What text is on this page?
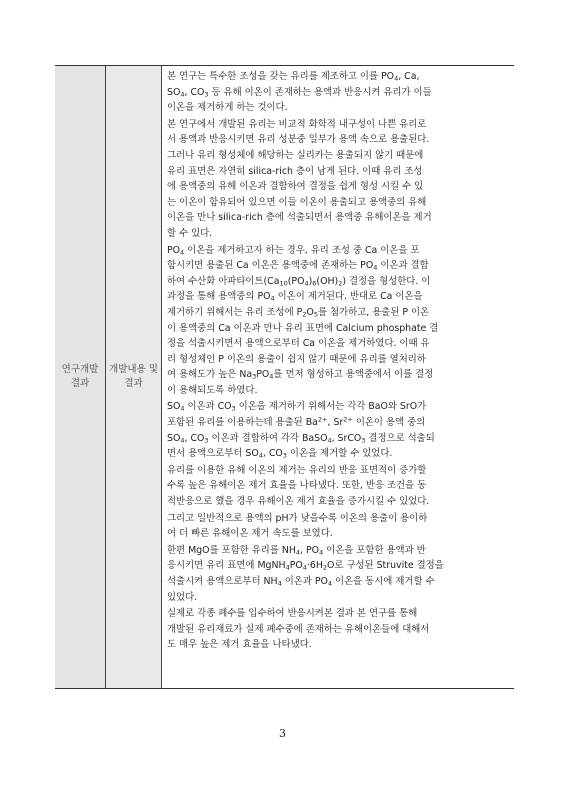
연구개발
결과
개발내용 및
결과

본 연구는 특수한 조성을 갖는 유리를 제조하고 이를 $PO_4$, Ca,
$SO_4$, $CO_3$ 등 유해 이온이 존재하는 용액과 반응시켜 유리가 이들
이온을 제거하게 하는 것이다.

본 연구에서 개발된 유리는 비교적 화학적 내구성이 나쁜 유리로
서 용액과 반응시키면 유리 성분중 일부가 용액 속으로 용출된다.
그러나 유리 형성체에 해당하는 실리카는 용출되지 않기 때문에
유리 표면은 자연히 silica-rich 층이 남게 된다. 이때 유리 조성
에 용액중의 유해 이온과 결합하여 결정을 쉽게 형성 시킬 수 있
는 이온이 함유되어 있으면 이들 이온이 용출되고 용액중의 유해
이온을 만나 silica-rich 층에 석출되면서 용액중 유해이온을 제거
할 수 있다.

$PO_4$ 이온을 제거하고자 하는 경우, 유리 조성 중 Ca 이온을 포
함시키면 용출된 Ca 이온은 용액중에 존재하는 $PO_4$ 이온과 결합
하여 수산화 아파타이트$(Ca_{10}(PO_4)_6(OH)_2)$ 결정을 형성한다. 이
과정을 통해 용액중의 $PO_4$ 이온이 제거된다. 반대로 Ca 이온을
제거하기 위해서는 유리 조성에 $P_2O_5$를 첨가하고, 용출된 P 이온
이 용액중의 Ca 이온과 만나 유리 표면에 Calcium phosphate 결
정을 석출시키면서 용액으로부터 Ca 이온을 제거하였다. 이때 유
리 형성체인 P 이온의 용출이 쉽지 않기 때문에 유리를 열처리하
여 용해도가 높은 $Na_3PO_4$를 먼저 형성하고 용액중에서 이를 결정
이 용해되도록 하였다.

$SO_4$ 이온과 $CO_3$ 이온을 제거하기 위해서는 각각 BaO와 SrO가
포함된 유리를 이용하는데 용출된 $Ba^{2+}$, $Sr^{2+}$ 이온이 용액 중의
$SO_4$, $CO_3$ 이온과 결합하여 각각 BaSO$_4$, SrCO$_3$ 결정으로 석출되
면서 용액으로부터 $SO_4$, $CO_3$ 이온을 제거할 수 있었다.

유리를 이용한 유해 이온의 제거는 유리의 반응 표면적이 증가할
수록 높은 유해이온 제거 효율을 나타냈다. 또한, 반응 조건을 동
적반응으로 했을 경우 유해이온 제거 효율을 증가시킬 수 있었다.

그리고 일반적으로 용액의 pH가 낮을수록 이온의 용출이 용이하
여 더 빠른 유해이온 제거 속도를 보였다.

한편 MgO를 포함한 유리를 $NH_4$, $PO_4$ 이온을 포함한 용액과 반
응시키면 유리 표면에 $MgNH_4PO_4\cdot 6H_2O$로 구성된 Struvite 결정을
석출시켜 용액으로부터 $NH_4$ 이온과 $PO_4$ 이온을 동시에 제거할 수
있었다.

실제로 각종 폐수를 입수하여 반응시켜본 결과 본 연구를 통해
개발된 유리재료가 실제 폐수중에 존재하는 유해이온들에 대해서
도 매우 높은 제거 효율을 나타냈다.

3
